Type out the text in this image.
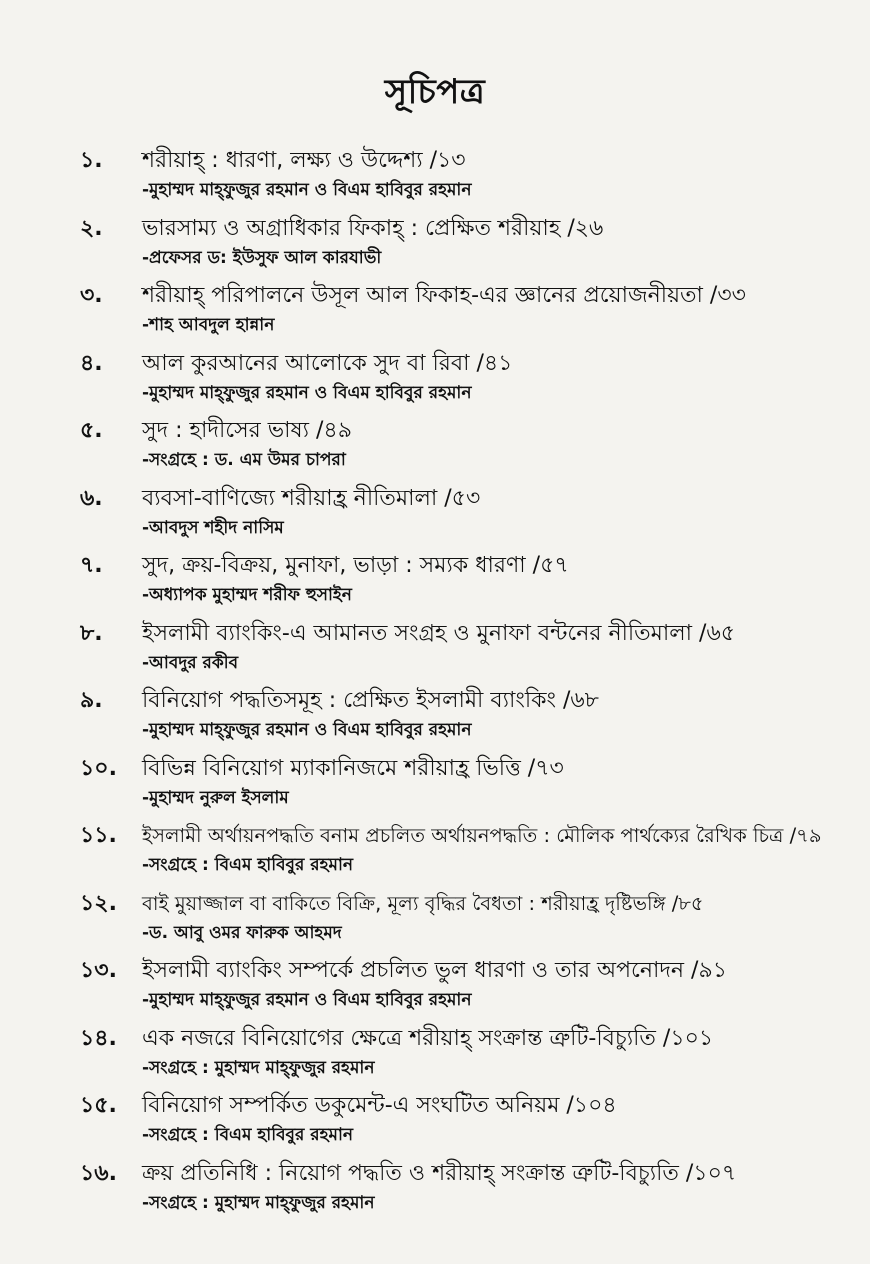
সূচিপত্র
১.	শরীয়াহ্ : ধারণা, লক্ষ্য ও উদ্দেশ্য /১৩
-মুহাম্মদ মাহ্ফুজুর রহমান ও বিএম হাবিবুর রহমান
২.	ভারসাম্য ও অগ্রাধিকার ফিকাহ্ : প্রেক্ষিত শরীয়াহ /২৬
-প্রফেসর ড: ইউসুফ আল কারযাভী
৩.	শরীয়াহ্ পরিপালনে উসূল আল ফিকাহ-এর জ্ঞানের প্রয়োজনীয়তা /৩৩
-শাহ আবদুল হান্নান
৪.	আল কুরআনের আলোকে সুদ বা রিবা /৪১
-মুহাম্মদ মাহ্ফুজুর রহমান ও বিএম হাবিবুর রহমান
৫.	সুদ : হাদীসের ভাষ্য /৪৯
-সংগ্রহে : ড. এম উমর চাপরা
৬.	ব্যবসা-বাণিজ্যে শরীয়াহ্র নীতিমালা /৫৩
-আবদুস শহীদ নাসিম
৭.	সুদ, ক্রয়-বিক্রয়, মুনাফা, ভাড়া : সম্যক ধারণা /৫৭
-অধ্যাপক মুহাম্মদ শরীফ হুসাইন
৮.	ইসলামী ব্যাংকিং-এ আমানত সংগ্রহ ও মুনাফা বন্টনের নীতিমালা /৬৫
-আবদুর রকীব
৯.	বিনিয়োগ পদ্ধতিসমূহ : প্রেক্ষিত ইসলামী ব্যাংকিং /৬৮
-মুহাম্মদ মাহ্ফুজুর রহমান ও বিএম হাবিবুর রহমান
১০.	বিভিন্ন বিনিয়োগ ম্যাকানিজমে শরীয়াহ্র ভিত্তি /৭৩
-মুহাম্মদ নুরুল ইসলাম
১১.	ইসলামী অর্থায়নপদ্ধতি বনাম প্রচলিত অর্থায়নপদ্ধতি : মৌলিক পার্থক্যের রৈখিক চিত্র /৭৯
-সংগ্রহে : বিএম হাবিবুর রহমান
১২.	বাই মুয়াজ্জাল বা বাকিতে বিক্রি, মূল্য বৃদ্ধির বৈধতা : শরীয়াহ্র দৃষ্টিভঙ্গি /৮৫
-ড. আবু ওমর ফারুক আহমদ
১৩.	ইসলামী ব্যাংকিং সম্পর্কে প্রচলিত ভুল ধারণা ও তার অপনোদন /৯১
-মুহাম্মদ মাহ্ফুজুর রহমান ও বিএম হাবিবুর রহমান
১৪.	এক নজরে বিনিয়োগের ক্ষেত্রে শরীয়াহ্ সংক্রান্ত ত্রুটি-বিচ্যুতি /১০১
-সংগ্রহে : মুহাম্মদ মাহ্ফুজুর রহমান
১৫.	বিনিয়োগ সম্পর্কিত ডকুমেন্ট-এ সংঘটিত অনিয়ম /১০৪
-সংগ্রহে : বিএম হাবিবুর রহমান
১৬.	ক্রয় প্রতিনিধি : নিয়োগ পদ্ধতি ও শরীয়াহ্ সংক্রান্ত ত্রুটি-বিচ্যুতি /১০৭
-সংগ্রহে : মুহাম্মদ মাহ্ফুজুর রহমান
